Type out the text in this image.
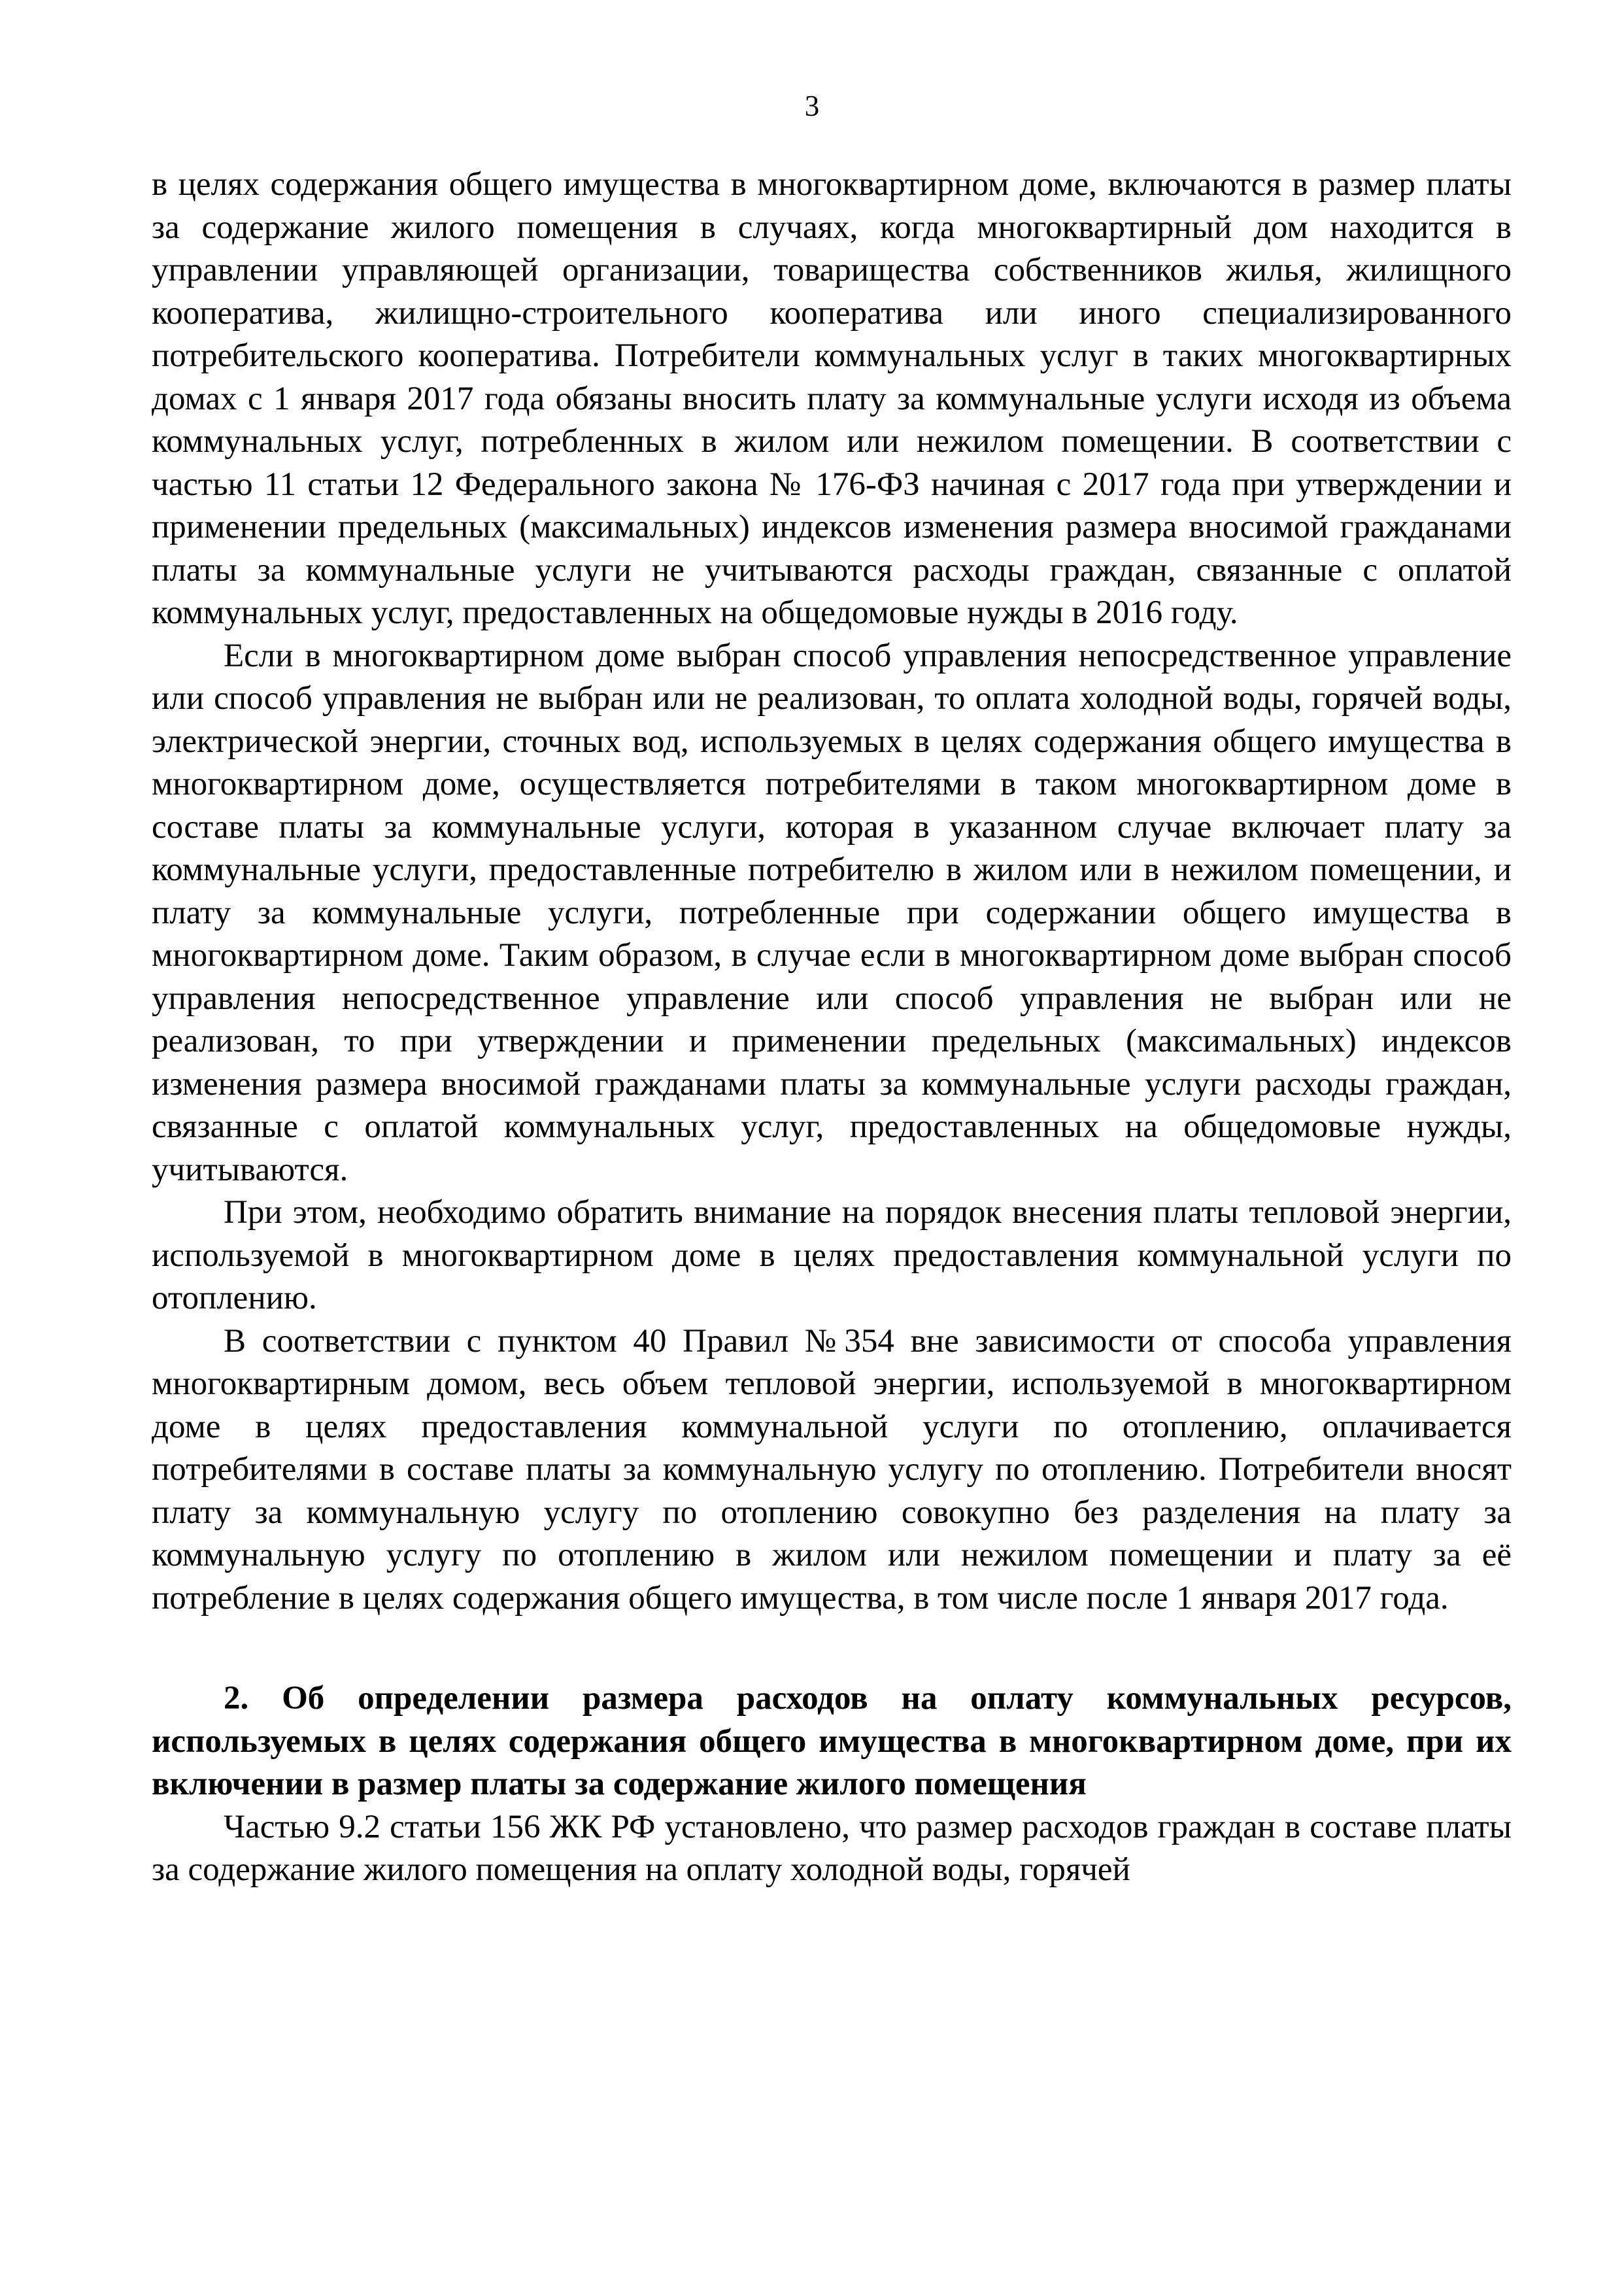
3

в целях содержания общего имущества в многоквартирном доме, включаются в размер платы за содержание жилого помещения в случаях, когда многоквартирный дом находится в управлении управляющей организации, товарищества собственников жилья, жилищного кооператива, жилищно-строительного кооператива или иного специализированного потребительского кооператива. Потребители коммунальных услуг в таких многоквартирных домах с 1 января 2017 года обязаны вносить плату за коммунальные услуги исходя из объема коммунальных услуг, потребленных в жилом или нежилом помещении. В соответствии с частью 11 статьи 12 Федерального закона № 176-ФЗ начиная с 2017 года при утверждении и применении предельных (максимальных) индексов изменения размера вносимой гражданами платы за коммунальные услуги не учитываются расходы граждан, связанные с оплатой коммунальных услуг, предоставленных на общедомовые нужды в 2016 году.

Если в многоквартирном доме выбран способ управления непосредственное управление или способ управления не выбран или не реализован, то оплата холодной воды, горячей воды, электрической энергии, сточных вод, используемых в целях содержания общего имущества в многоквартирном доме, осуществляется потребителями в таком многоквартирном доме в составе платы за коммунальные услуги, которая в указанном случае включает плату за коммунальные услуги, предоставленные потребителю в жилом или в нежилом помещении, и плату за коммунальные услуги, потребленные при содержании общего имущества в многоквартирном доме. Таким образом, в случае если в многоквартирном доме выбран способ управления непосредственное управление или способ управления не выбран или не реализован, то при утверждении и применении предельных (максимальных) индексов изменения размера вносимой гражданами платы за коммунальные услуги расходы граждан, связанные с оплатой коммунальных услуг, предоставленных на общедомовые нужды, учитываются.

При этом, необходимо обратить внимание на порядок внесения платы тепловой энергии, используемой в многоквартирном доме в целях предоставления коммунальной услуги по отоплению.

В соответствии с пунктом 40 Правил №354 вне зависимости от способа управления многоквартирным домом, весь объем тепловой энергии, используемой в многоквартирном доме в целях предоставления коммунальной услуги по отоплению, оплачивается потребителями в составе платы за коммунальную услугу по отоплению. Потребители вносят плату за коммунальную услугу по отоплению совокупно без разделения на плату за коммунальную услугу по отоплению в жилом или нежилом помещении и плату за её потребление в целях содержания общего имущества, в том числе после 1 января 2017 года.

2. Об определении размера расходов на оплату коммунальных ресурсов, используемых в целях содержания общего имущества в многоквартирном доме, при их включении в размер платы за содержание жилого помещения

Частью 9.2 статьи 156 ЖК РФ установлено, что размер расходов граждан в составе платы за содержание жилого помещения на оплату холодной воды, горячей
